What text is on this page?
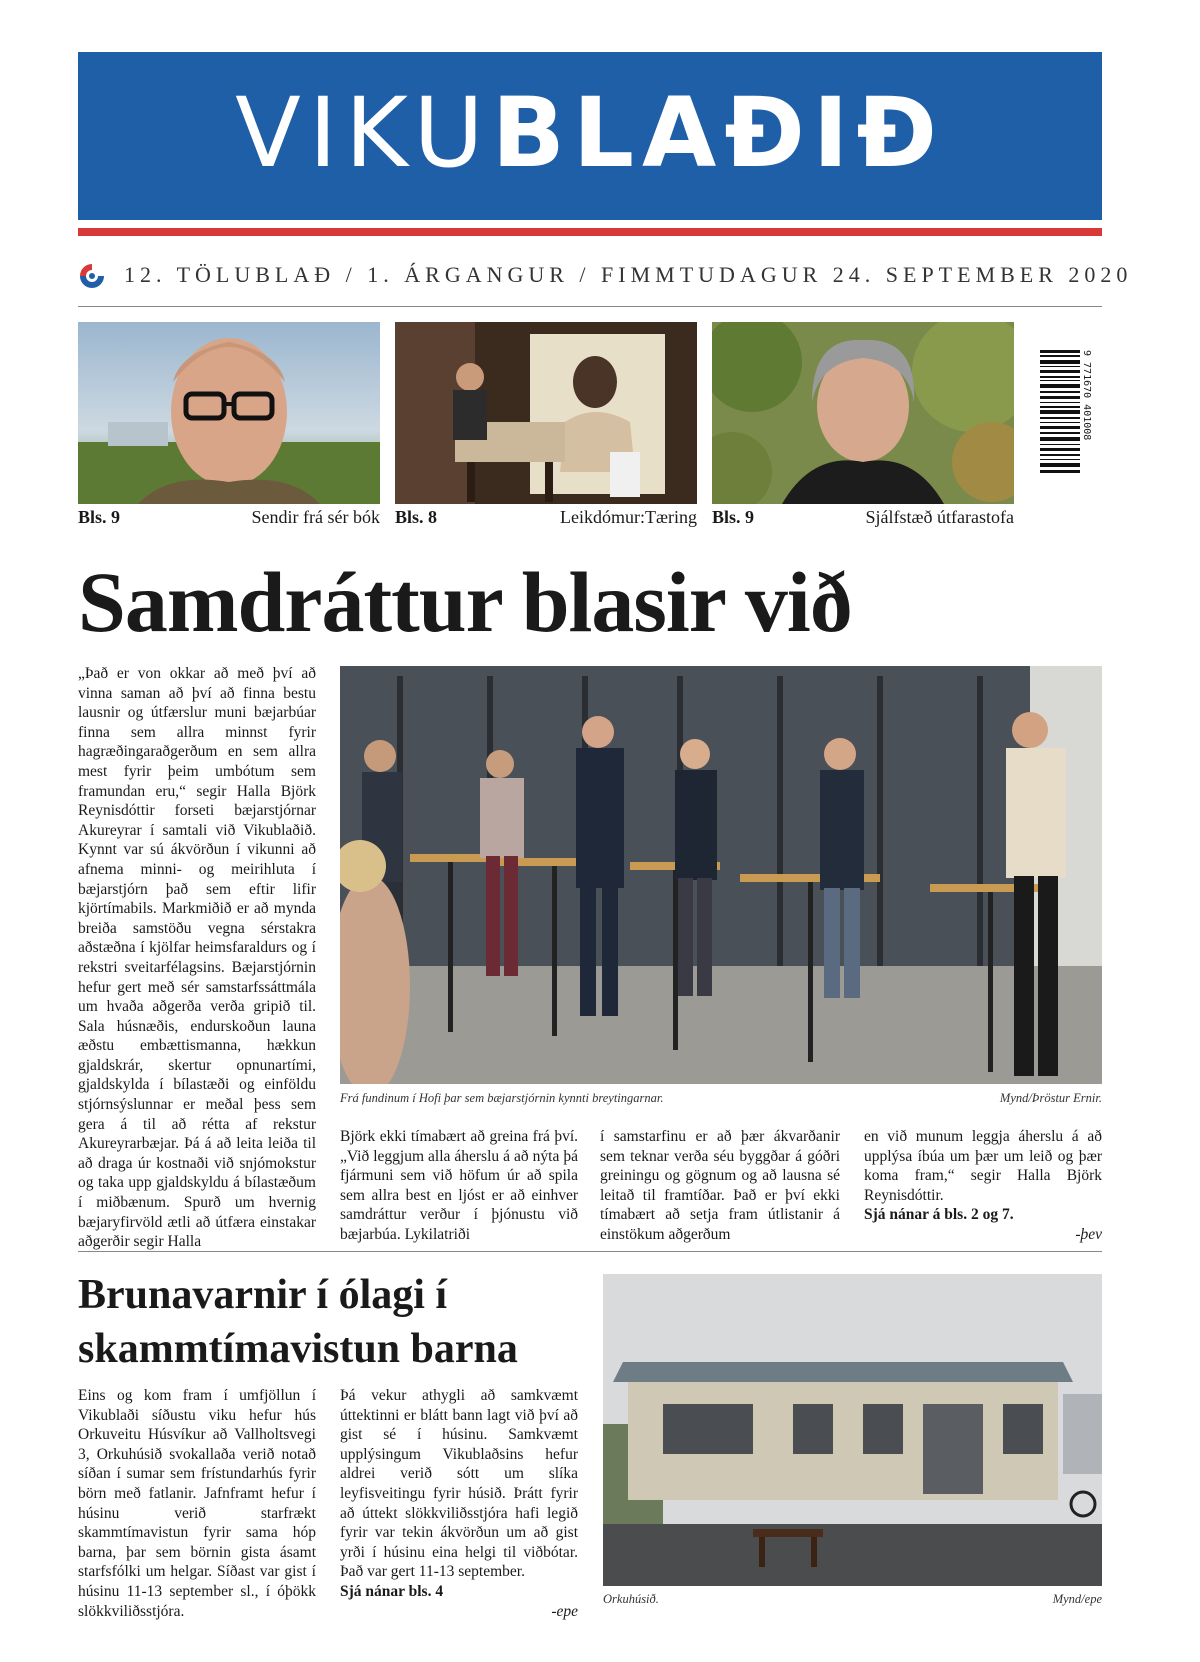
VIKUBLAÐIÐ
12. TÖLUBLAÐ / 1. ÁRGANGUR / FIMMTUDAGUR 24. SEPTEMBER 2020
Bls. 9	Sendir frá sér bók Bls. 8	Leikdómur:Tæring Bls. 9	Sjálfstæð útfarastofa
9 771670 401008
Samdráttur blasir við

„Það er von okkar að með því að vinna saman að því að finna bestu lausnir og útfærslur muni bæjarbúar finna sem allra minnst fyrir hagræðingaraðgerðum en sem allra mest fyrir þeim umbótum sem framundan eru,“ segir Halla Björk Reynisdóttir forseti bæjarstjórnar Akureyrar í samtali við Vikublaðið. Kynnt var sú ákvörðun í vikunni að afnema minni- og meirihluta í bæjarstjórn það sem eftir lifir kjörtímabils. Markmiðið er að mynda breiða samstöðu vegna sérstakra aðstæðna í kjölfar heimsfaraldurs og í rekstri sveitarfélagsins. Bæjarstjórnin hefur gert með sér samstarfssáttmála um hvaða aðgerða verða gripið til. Sala húsnæðis, endurskoðun launa æðstu embættismanna, hækkun gjaldskrár, skertur opnunartími, gjaldskylda í bílastæði og einföldu stjórnsýslunnar er meðal þess sem gera á til að rétta af rekstur Akureyrarbæjar. Þá á að leita leiða til að draga úr kostnaði við snjómokstur og taka upp gjaldskyldu á bílastæðum í miðbænum. Spurð um hvernig bæjaryfirvöld ætli að útfæra einstakar aðgerðir segir Halla

Frá fundinum í Hofi þar sem bæjarstjórnin kynnti breytingarnar.	Mynd/Þröstur Ernir.

Björk ekki tímabært að greina frá því. „Við leggjum alla áherslu á að nýta þá fjármuni sem við höfum úr að spila sem allra best en ljóst er að einhver samdráttur verður í þjónustu við bæjarbúa. Lykilatriði

í samstarfinu er að þær ákvarðanir sem teknar verða séu byggðar á góðri greiningu og gögnum og að lausna sé leitað til framtíðar. Það er því ekki tímabært að setja fram útlistanir á einstökum aðgerðum

en við munum leggja áherslu á að upplýsa íbúa um þær um leið og þær koma fram,“ segir Halla Björk Reynisdóttir.

Sjá nánar á bls. 2 og 7.

-þev

Brunavarnir í ólagi í skammtímavistun barna

Eins og kom fram í umfjöllun í Vikublaði síðustu viku hefur hús Orkuveitu Húsvíkur að Vallholtsvegi 3, Orkuhúsið svokallaða verið notað síðan í sumar sem frístundarhús fyrir börn með fatlanir. Jafnframt hefur í húsinu verið starfrækt skammtímavistun fyrir sama hóp barna, þar sem börnin gista ásamt starfsfólki um helgar. Síðast var gist í húsinu 11-13 september sl., í óþökk slökkviliðsstjóra.

Þá vekur athygli að samkvæmt úttektinni er blátt bann lagt við því að gist sé í húsinu. Samkvæmt upplýsingum Vikublaðsins hefur aldrei verið sótt um slíka leyfisveitingu fyrir húsið. Þrátt fyrir að úttekt slökkviliðsstjóra hafi legið fyrir var tekin ákvörðun um að gist yrði í húsinu eina helgi til viðbótar. Það var gert 11-13 september.

Sjá nánar bls. 4

-epe

Orkuhúsið.	Mynd/epe
